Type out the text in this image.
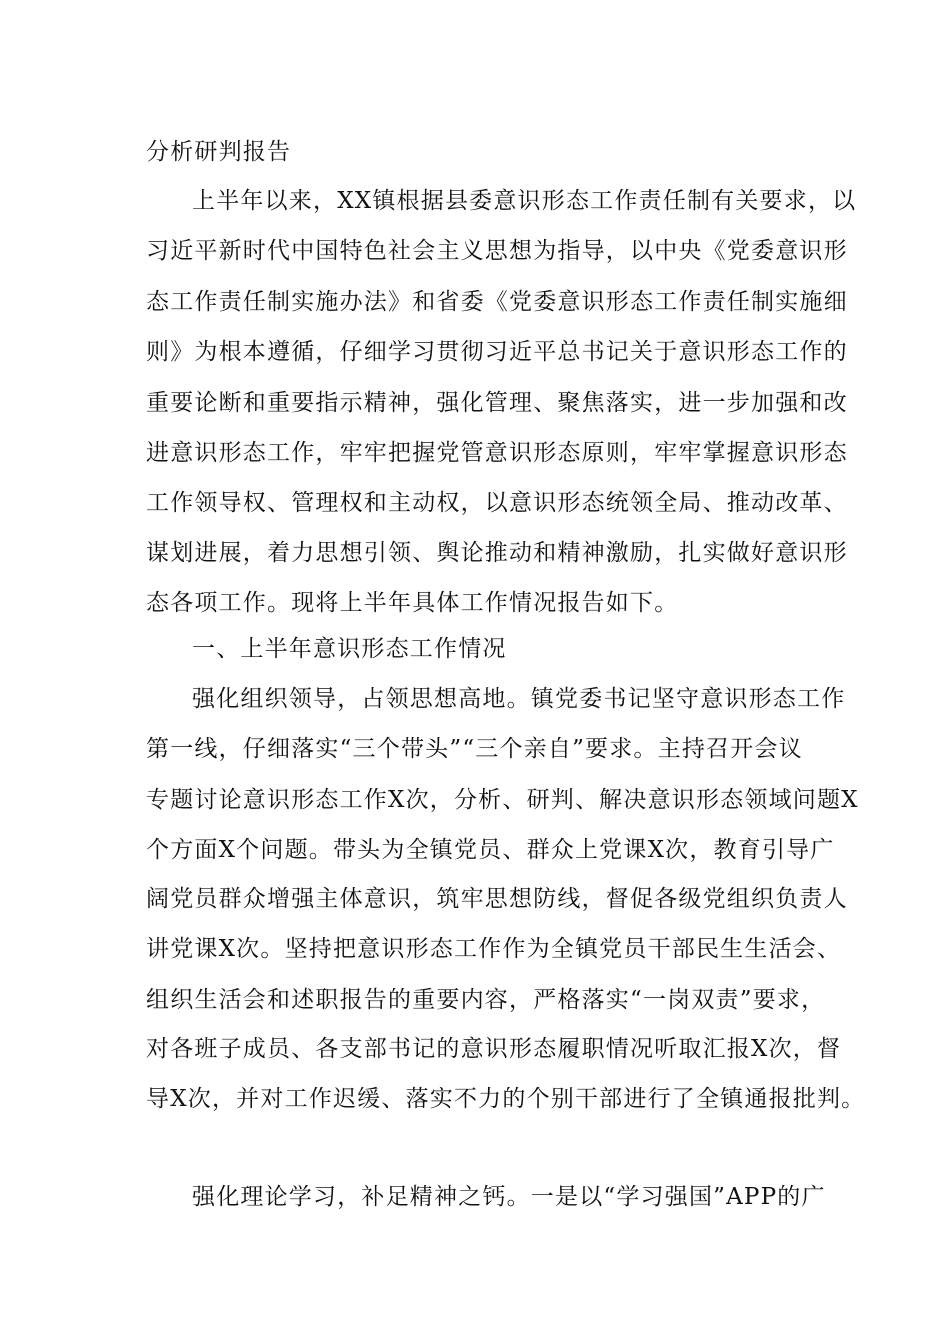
分析研判报告
上半年以来，XX镇根据县委意识形态工作责任制有关要求，以
习近平新时代中国特色社会主义思想为指导，以中央《党委意识形
态工作责任制实施办法》和省委《党委意识形态工作责任制实施细
则》为根本遵循，仔细学习贯彻习近平总书记关于意识形态工作的
重要论断和重要指示精神，强化管理、聚焦落实，进一步加强和改
进意识形态工作，牢牢把握党管意识形态原则，牢牢掌握意识形态
工作领导权、管理权和主动权，以意识形态统领全局、推动改革、
谋划进展，着力思想引领、舆论推动和精神激励，扎实做好意识形
态各项工作。现将上半年具体工作情况报告如下。
一、上半年意识形态工作情况
强化组织领导，占领思想高地。镇党委书记坚守意识形态工作
第一线，仔细落实“三个带头”“三个亲自”要求。主持召开会议
专题讨论意识形态工作X次，分析、研判、解决意识形态领域问题X
个方面X个问题。带头为全镇党员、群众上党课X次，教育引导广
阔党员群众增强主体意识，筑牢思想防线，督促各级党组织负责人
讲党课X次。坚持把意识形态工作作为全镇党员干部民生生活会、
组织生活会和述职报告的重要内容，严格落实“一岗双责”要求，
对各班子成员、各支部书记的意识形态履职情况听取汇报X次，督
导X次，并对工作迟缓、落实不力的个别干部进行了全镇通报批判。
强化理论学习，补足精神之钙。一是以“学习强国”APP的广
